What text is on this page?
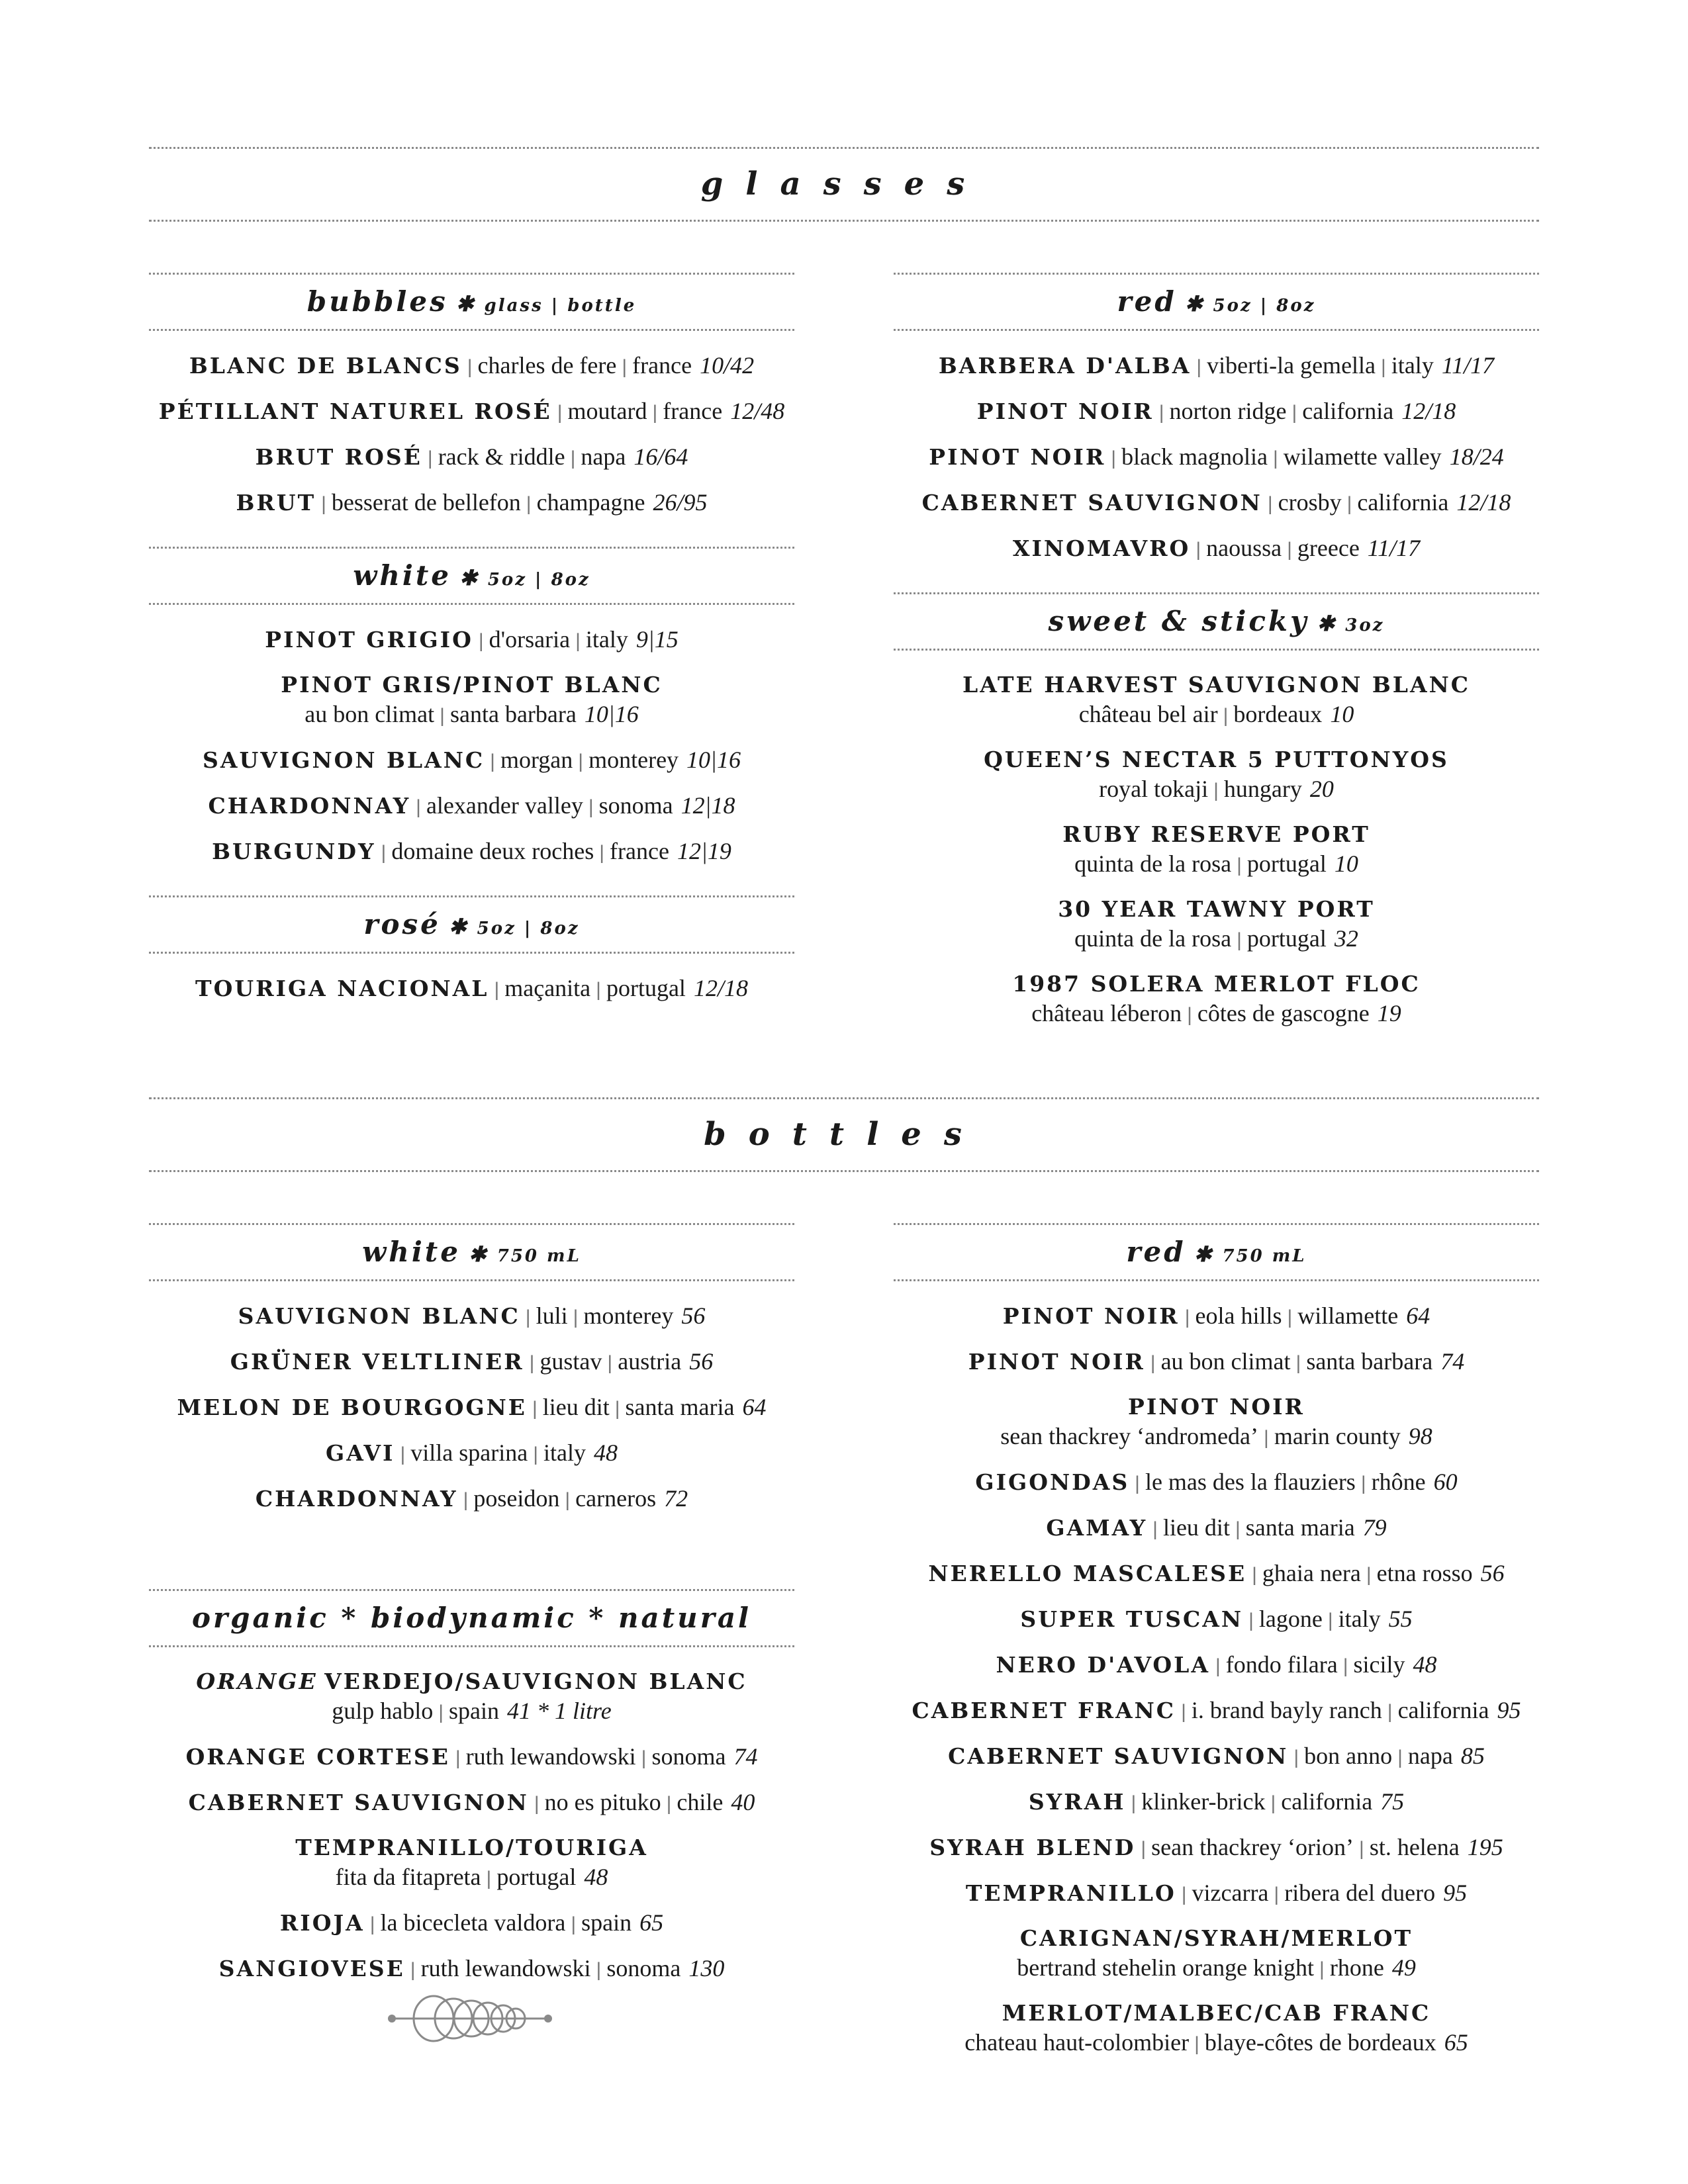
glasses
bubbles ✱ glass | bottle
BLANC DE BLANCS | charles de fere | france 10/42
PÉTILLANT NATUREL ROSÉ | moutard | france 12/48
BRUT ROSÉ | rack & riddle | napa 16/64
BRUT | besserat de bellefon | champagne 26/95
white ✱ 5oz | 8oz
PINOT GRIGIO | d'orsaria | italy 9|15
PINOT GRIS/PINOT BLANC
au bon climat | santa barbara 10|16
SAUVIGNON BLANC | morgan | monterey 10|16
CHARDONNAY | alexander valley | sonoma 12|18
BURGUNDY | domaine deux roches | france 12|19
rosé ✱ 5oz | 8oz
TOURIGA NACIONAL | maçanita | portugal 12/18
red ✱ 5oz | 8oz
BARBERA D'ALBA | viberti-la gemella | italy 11/17
PINOT NOIR | norton ridge | california 12/18
PINOT NOIR | black magnolia | wilamette valley 18/24
CABERNET SAUVIGNON | crosby | california 12/18
XINOMAVRO | naoussa | greece 11/17
sweet & sticky ✱ 3oz
LATE HARVEST SAUVIGNON BLANC
château bel air | bordeaux 10
QUEEN’S NECTAR 5 PUTTONYOS
royal tokaji | hungary 20
RUBY RESERVE PORT
quinta de la rosa | portugal 10
30 YEAR TAWNY PORT
quinta de la rosa | portugal 32
1987 SOLERA MERLOT FLOC
château léberon | côtes de gascogne 19
bottles
white ✱ 750 mL
SAUVIGNON BLANC | luli | monterey 56
GRÜNER VELTLINER | gustav | austria 56
MELON DE BOURGOGNE | lieu dit | santa maria 64
GAVI | villa sparina | italy 48
CHARDONNAY | poseidon | carneros 72
organic * biodynamic * natural
ORANGE VERDEJO/SAUVIGNON BLANC
gulp hablo | spain 41 * 1 litre
ORANGE CORTESE | ruth lewandowski | sonoma 74
CABERNET SAUVIGNON | no es pituko | chile 40
TEMPRANILLO/TOURIGA
fita da fitapreta | portugal 48
RIOJA | la bicecleta valdora | spain 65
SANGIOVESE | ruth lewandowski | sonoma 130
red ✱ 750 mL
PINOT NOIR | eola hills | willamette 64
PINOT NOIR | au bon climat | santa barbara 74
PINOT NOIR
sean thackrey ‘andromeda’ | marin county 98
GIGONDAS | le mas des la flauziers | rhône 60
GAMAY | lieu dit | santa maria 79
NERELLO MASCALESE | ghaia nera | etna rosso 56
SUPER TUSCAN | lagone | italy 55
NERO D'AVOLA | fondo filara | sicily 48
CABERNET FRANC | i. brand bayly ranch | california 95
CABERNET SAUVIGNON | bon anno | napa 85
SYRAH | klinker-brick | california 75
SYRAH BLEND | sean thackrey ‘orion’ | st. helena 195
TEMPRANILLO | vizcarra | ribera del duero 95
CARIGNAN/SYRAH/MERLOT
bertrand stehelin orange knight | rhone 49
MERLOT/MALBEC/CAB FRANC
chateau haut-colombier | blaye-côtes de bordeaux 65
